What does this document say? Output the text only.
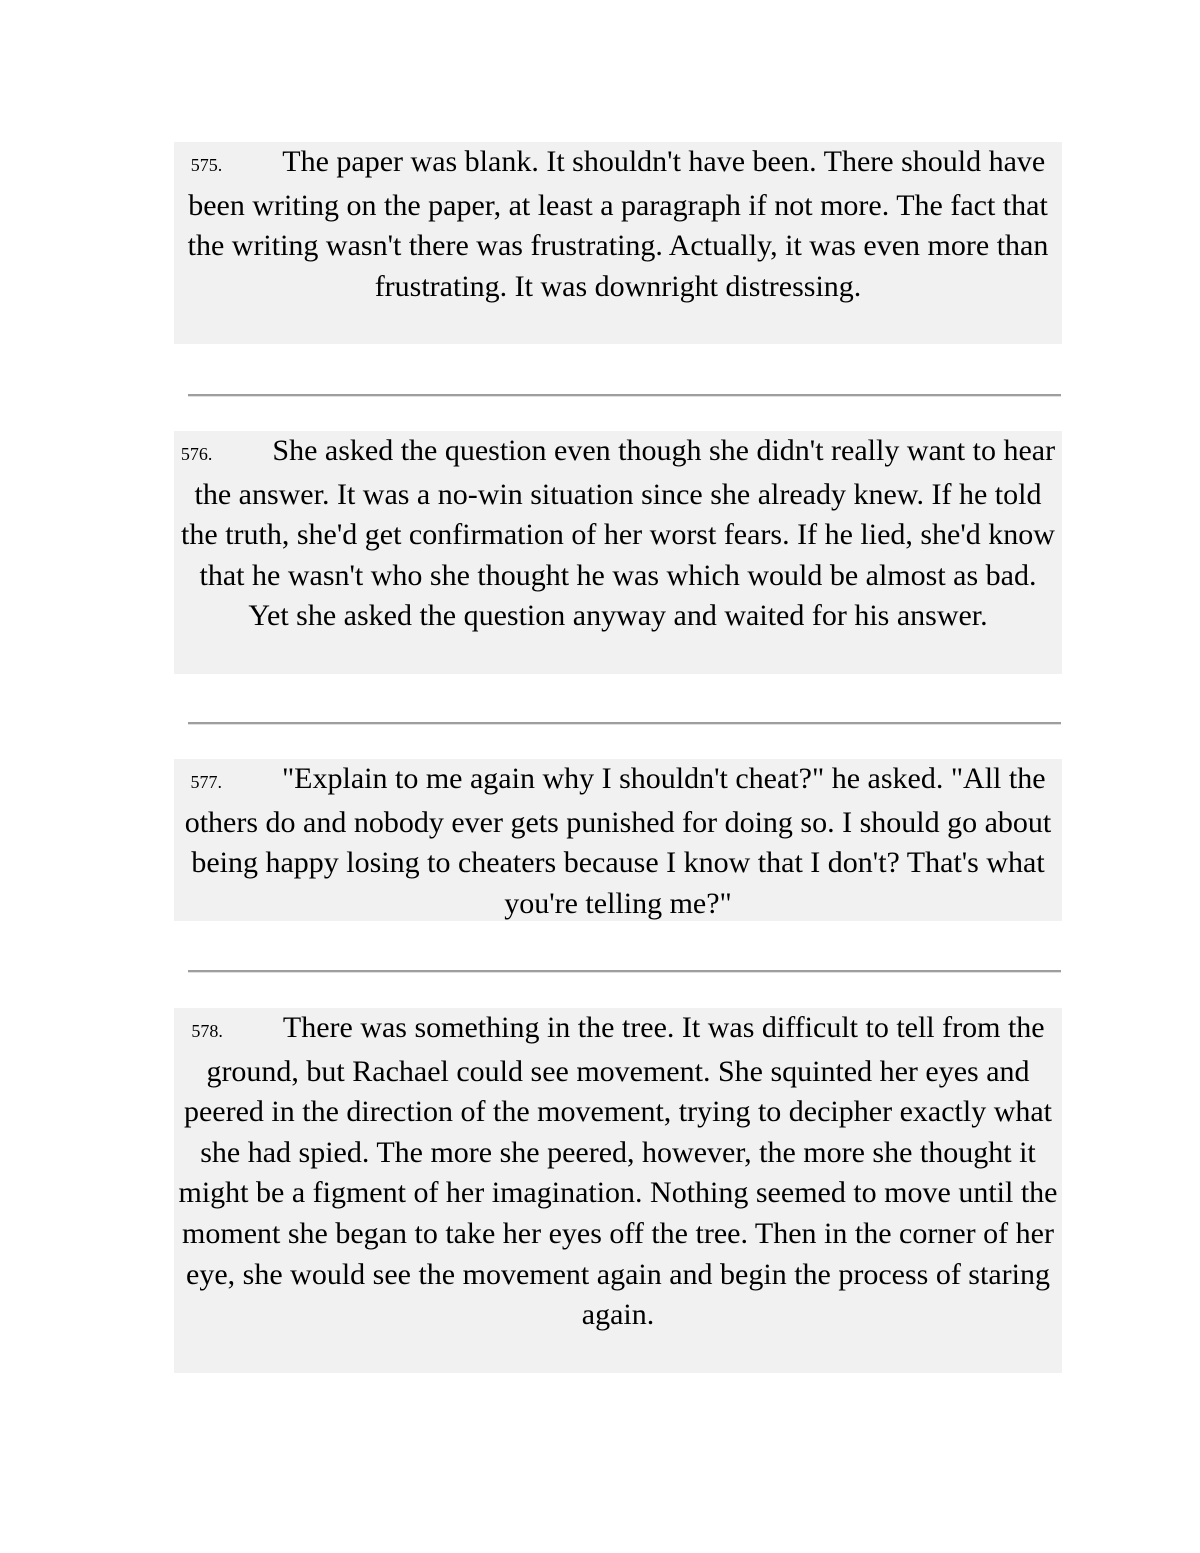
575. The paper was blank. It shouldn't have been. There should have been writing on the paper, at least a paragraph if not more. The fact that the writing wasn't there was frustrating. Actually, it was even more than frustrating. It was downright distressing.
576. She asked the question even though she didn't really want to hear the answer. It was a no-win situation since she already knew. If he told the truth, she'd get confirmation of her worst fears. If he lied, she'd know that he wasn't who she thought he was which would be almost as bad. Yet she asked the question anyway and waited for his answer.
577. "Explain to me again why I shouldn't cheat?" he asked. "All the others do and nobody ever gets punished for doing so. I should go about being happy losing to cheaters because I know that I don't? That's what you're telling me?"
578. There was something in the tree. It was difficult to tell from the ground, but Rachael could see movement. She squinted her eyes and peered in the direction of the movement, trying to decipher exactly what she had spied. The more she peered, however, the more she thought it might be a figment of her imagination. Nothing seemed to move until the moment she began to take her eyes off the tree. Then in the corner of her eye, she would see the movement again and begin the process of staring again.
